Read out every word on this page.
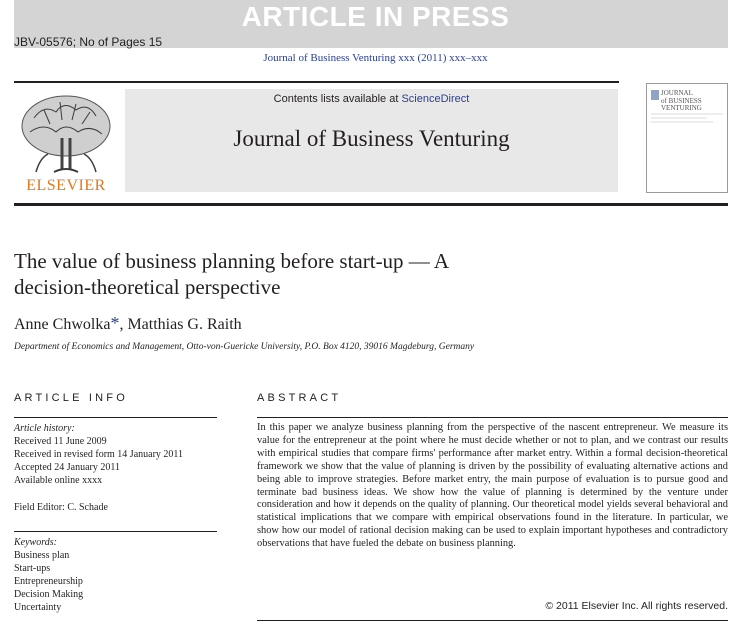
ARTICLE IN PRESS
JBV-05576; No of Pages 15
Journal of Business Venturing xxx (2011) xxx–xxx
ELSEVIER
Contents lists available at ScienceDirect
Journal of Business Venturing
JOURNAL
of BUSINESS
VENTURING
The value of business planning before start-up — A
decision-theoretical perspective
Anne Chwolka*, Matthias G. Raith
Department of Economics and Management, Otto-von-Guericke University, P.O. Box 4120, 39016 Magdeburg, Germany
ARTICLE INFO	ABSTRACT
Article history:
Received 11 June 2009
Received in revised form 14 January 2011
Accepted 24 January 2011
Available online xxxx
Field Editor: C. Schade
Keywords:
Business plan
Start-ups
Entrepreneurship
Decision Making
Uncertainty
In this paper we analyze business planning from the perspective of the nascent entrepreneur. We measure its value for the entrepreneur at the point where he must decide whether or not to plan, and we contrast our results with empirical studies that compare firms' performance after market entry. Within a formal decision-theoretical framework we show that the value of planning is driven by the possibility of evaluating alternative actions and being able to improve strategies. Before market entry, the main purpose of evaluation is to pursue good and terminate bad business ideas. We show how the value of planning is determined by the venture under consideration and how it depends on the quality of planning. Our theoretical model yields several behavioral and statistical implications that we compare with empirical observations found in the literature. In particular, we show how our model of rational decision making can be used to explain important hypotheses and contradictory observations that have fueled the debate on business planning.
© 2011 Elsevier Inc. All rights reserved.
